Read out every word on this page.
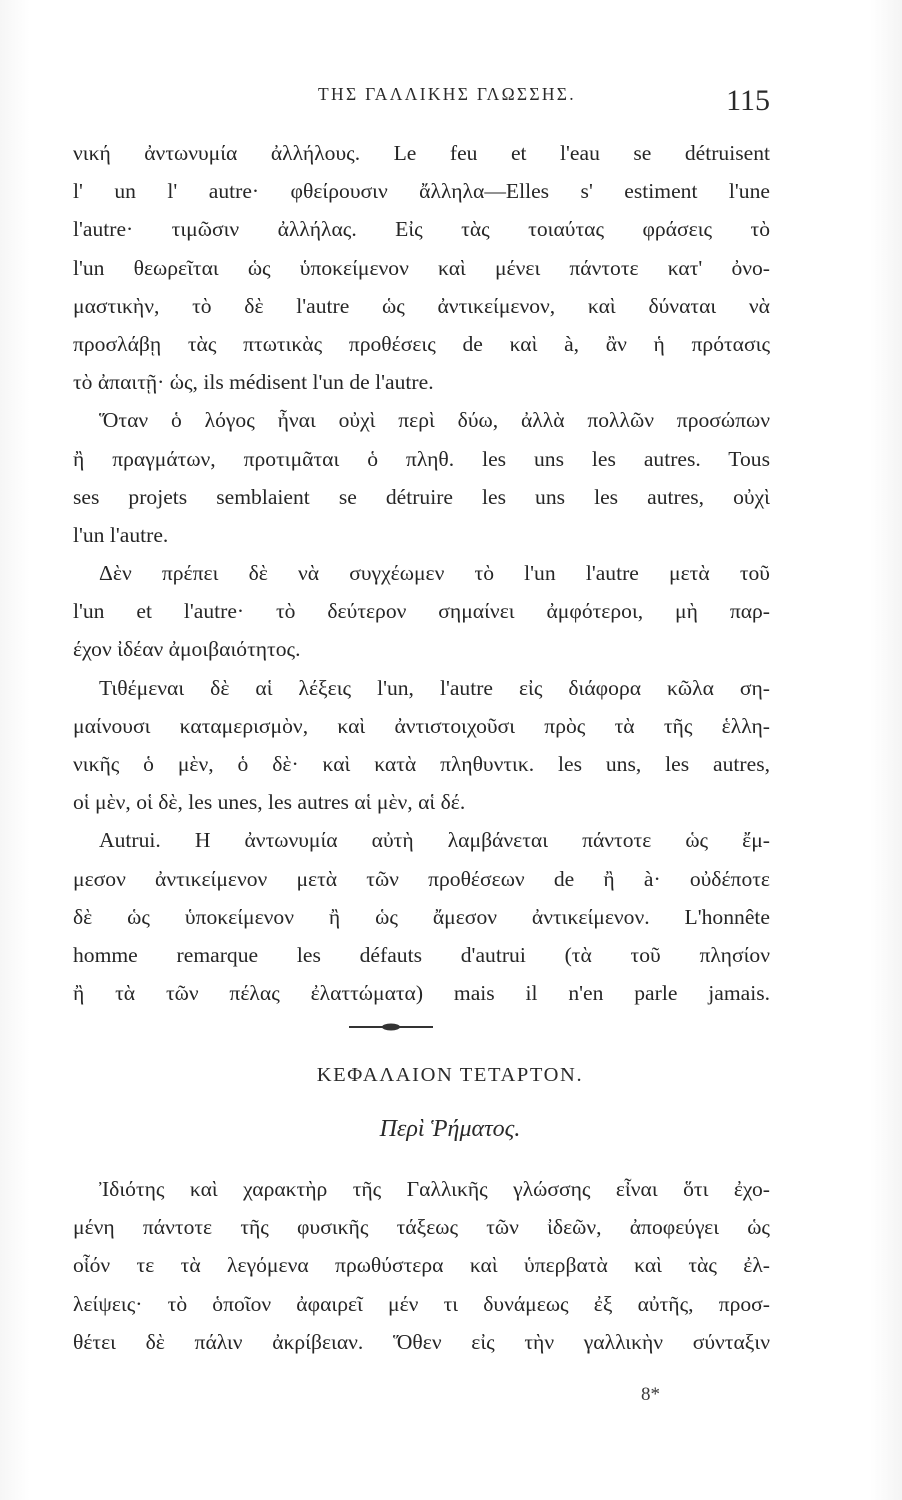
ΤΗΣ ΓΑΛΛΙΚΗΣ ΓΛΩΣΣΗΣ.	115
νική ἀντωνυμία ἀλλήλους. Le feu et l'eau se détruisent
l' un l' autre· φθείρουσιν ἄλληλα—Elles s' estiment l'une
l'autre· τιμῶσιν ἀλλήλας. Εἰς τὰς τοιαύτας φράσεις τὸ
l'un θεωρεῖται ὡς ὑποκείμενον καὶ μένει πάντοτε κατ' ὀνο-
μαστικὴν, τὸ δὲ l'autre ὡς ἀντικείμενον, καὶ δύναται νὰ
προσλάβῃ τὰς πτωτικὰς προθέσεις de καὶ à, ἂν ἡ πρότασις
τὸ ἀπαιτῇ· ὡς, ils médisent l'un de l'autre.
Ὅταν ὁ λόγος ἦναι οὐχὶ περὶ δύω, ἀλλὰ πολλῶν προσώπων
ἢ πραγμάτων, προτιμᾶται ὁ πληθ. les uns les autres. Tous
ses projets semblaient se détruire les uns les autres, οὐχὶ
l'un l'autre.
Δὲν πρέπει δὲ νὰ συγχέωμεν τὸ l'un l'autre μετὰ τοῦ
l'un et l'autre· τὸ δεύτερον σημαίνει ἀμφότεροι, μὴ παρ-
έχον ἰδέαν ἀμοιβαιότητος.
Τιθέμεναι δὲ αἱ λέξεις l'un, l'autre εἰς διάφορα κῶλα ση-
μαίνουσι καταμερισμὸν, καὶ ἀντιστοιχοῦσι πρὸς τὰ τῆς ἑλλη-
νικῆς ὁ μὲν, ὁ δὲ· καὶ κατὰ πληθυντικ. les uns, les autres,
οἱ μὲν, οἱ δὲ, les unes, les autres αἱ μὲν, αἱ δέ.
Autrui. Η ἀντωνυμία αὐτὴ λαμβάνεται πάντοτε ὡς ἔμ-
μεσον ἀντικείμενον μετὰ τῶν προθέσεων de ἢ à· οὐδέποτε
δὲ ὡς ὑποκείμενον ἢ ὡς ἄμεσον ἀντικείμενον. L'honnête
homme remarque les défauts d'autrui (τὰ τοῦ πλησίον
ἢ τὰ τῶν πέλας ἐλαττώματα) mais il n'en parle jamais.
ΚΕΦΑΛΑΙΟΝ ΤΕΤΑΡΤΟΝ.
Περὶ Ῥήματος.
Ἰδιότης καὶ χαρακτὴρ τῆς Γαλλικῆς γλώσσης εἶναι ὅτι ἐχο-
μένη πάντοτε τῆς φυσικῆς τάξεως τῶν ἰδεῶν, ἀποφεύγει ὡς
οἷόν τε τὰ λεγόμενα πρωθύστερα καὶ ὑπερβατὰ καὶ τὰς ἐλ-
λείψεις· τὸ ὁποῖον ἀφαιρεῖ μέν τι δυνάμεως ἐξ αὐτῆς, προσ-
θέτει δὲ πάλιν ἀκρίβειαν. Ὅθεν εἰς τὴν γαλλικὴν σύνταξιν
8*
